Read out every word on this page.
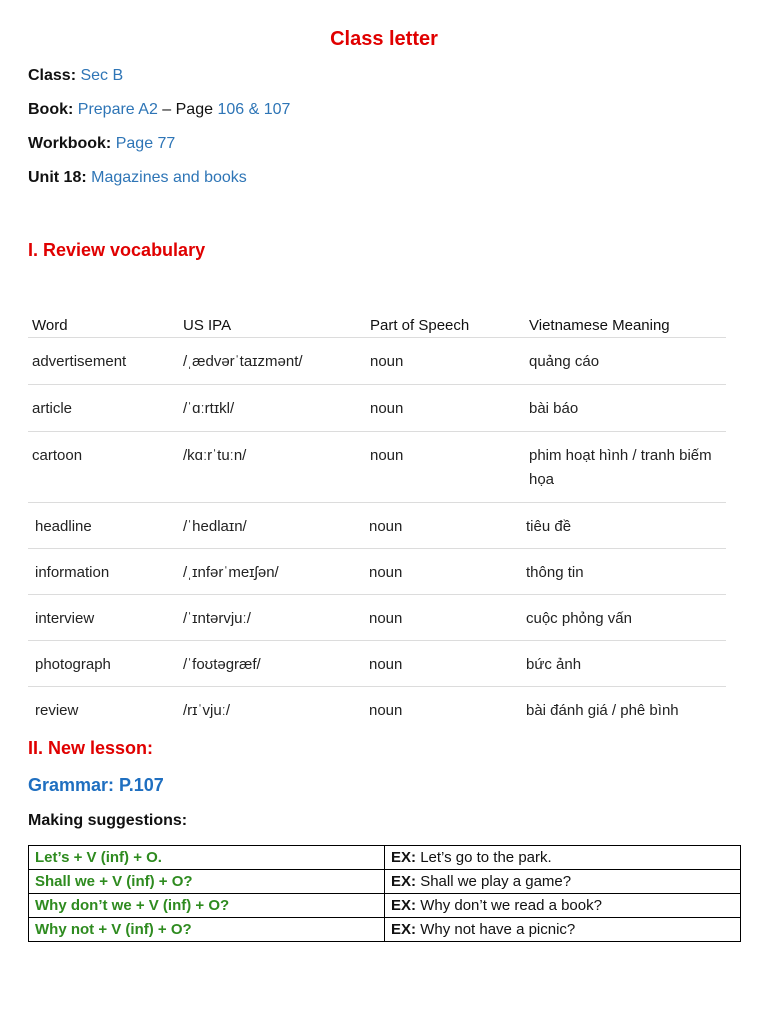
Class letter
Class: Sec B
Book: Prepare A2 – Page 106 & 107
Workbook: Page 77
Unit 18: Magazines and books
I. Review vocabulary
Word	US IPA	Part of Speech	Vietnamese Meaning
advertisement	/ˌædvərˈtaɪzmənt/	noun	quảng cáo
article	/ˈɑːrtɪkl/	noun	bài báo
cartoon	/kɑːrˈtuːn/	noun	phim hoạt hình / tranh biếm họa
headline	/ˈhedlaɪn/	noun	tiêu đề
information	/ˌɪnfərˈmeɪʃən/	noun	thông tin
interview	/ˈɪntərvjuː/	noun	cuộc phỏng vấn
photograph	/ˈfoʊtəɡræf/	noun	bức ảnh
review	/rɪˈvjuː/	noun	bài đánh giá / phê bình
II. New lesson:
Grammar: P.107
Making suggestions:
Let’s + V (inf) + O.	EX: Let’s go to the park.
Shall we + V (inf) + O?	EX: Shall we play a game?
Why don’t we + V (inf) + O?	EX: Why don’t we read a book?
Why not + V (inf) + O?	EX: Why not have a picnic?
